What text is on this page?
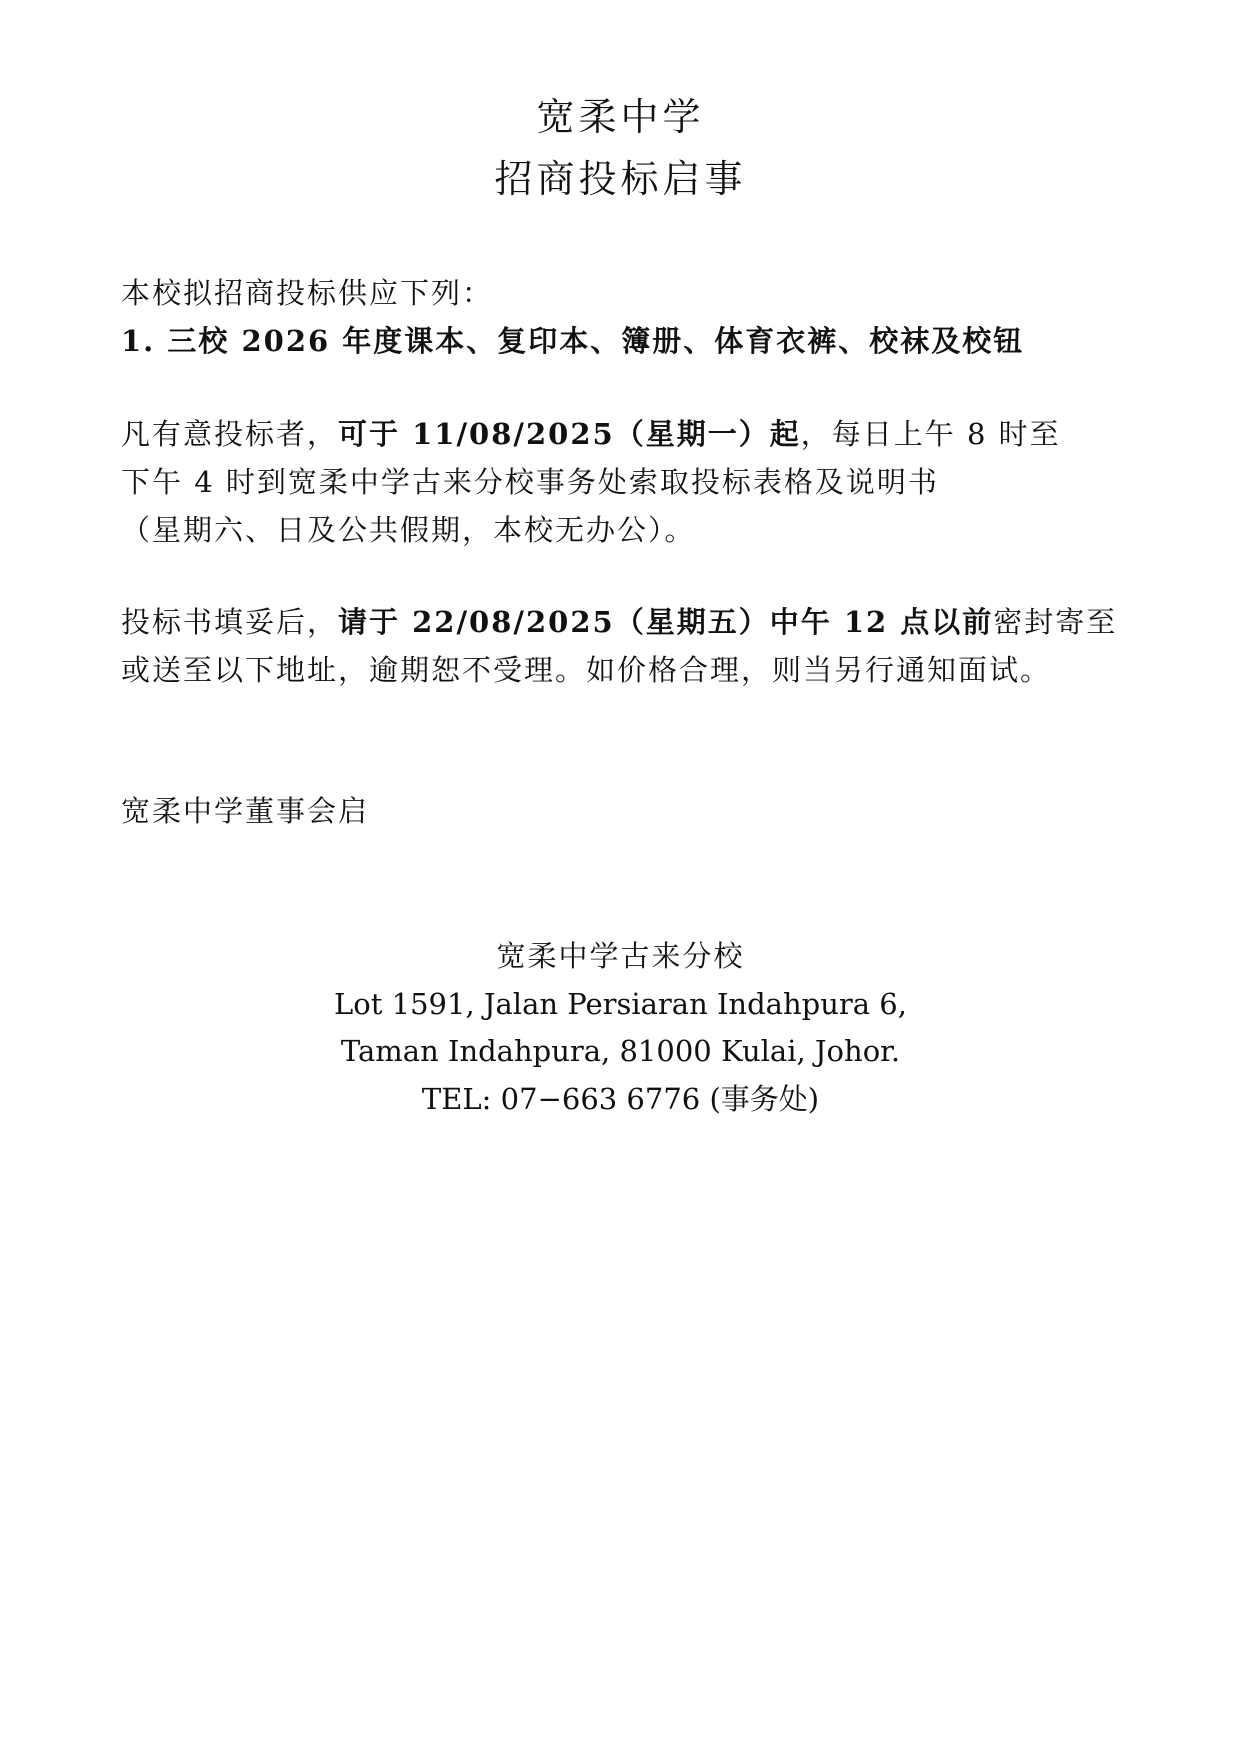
宽柔中学
招商投标启事
本校拟招商投标供应下列：
1. 三校 2026 年度课本、复印本、簿册、体育衣裤、校袜及校钮
凡有意投标者，可于 11/08/2025（星期一）起，每日上午 8 时至
下午 4 时到宽柔中学古来分校事务处索取投标表格及说明书
（星期六、日及公共假期，本校无办公）。
投标书填妥后，请于 22/08/2025（星期五）中午 12 点以前密封寄至
或送至以下地址，逾期恕不受理。如价格合理，则当另行通知面试。
宽柔中学董事会启
宽柔中学古来分校
Lot 1591, Jalan Persiaran Indahpura 6,
Taman Indahpura, 81000 Kulai, Johor.
TEL: 07−663 6776 (事务处)
